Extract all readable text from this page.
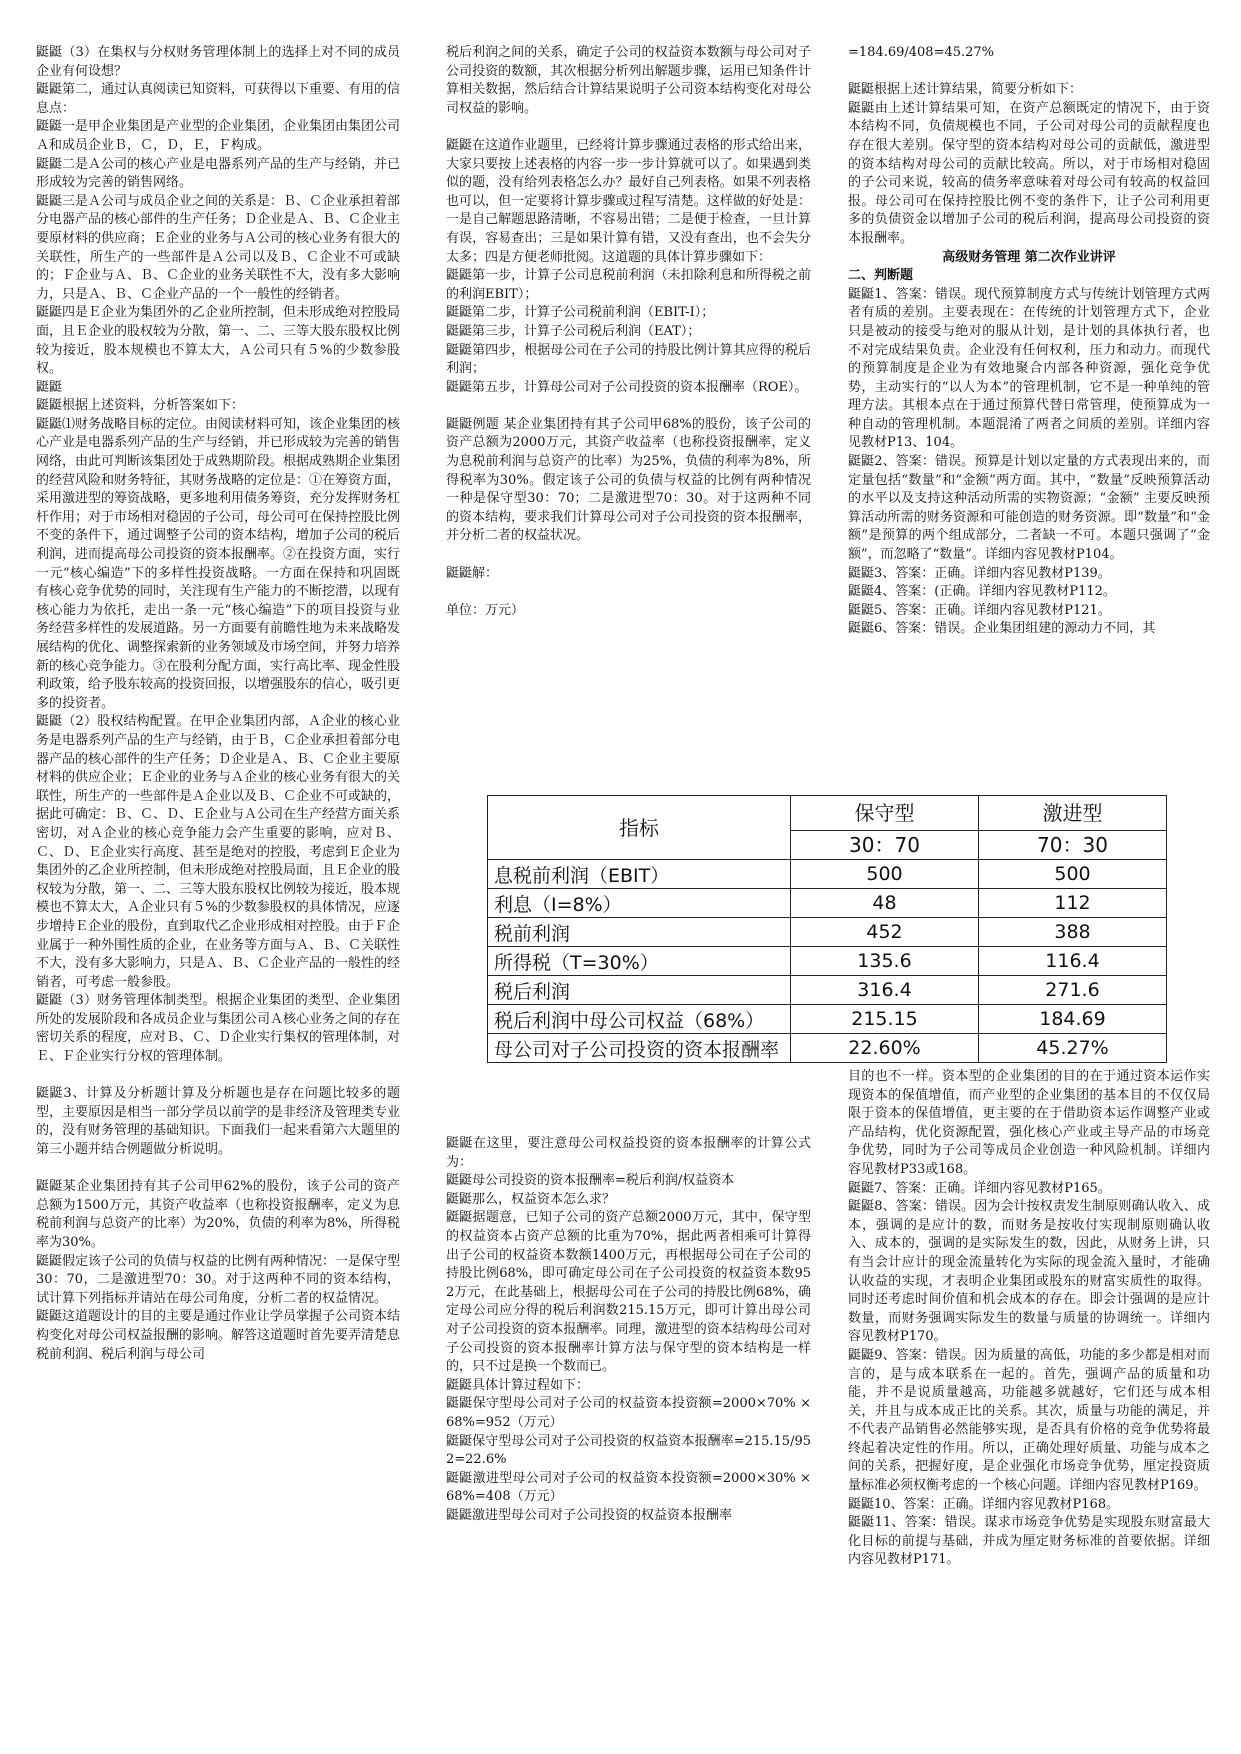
鼮鼮（3）在集权与分权财务管理体制上的选择上对不同的成员企业有何设想？

鼮鼮第二，通过认真阅读已知资料，可获得以下重要、有用的信息点：

鼮鼮一是甲企业集团是产业型的企业集团，企业集团由集团公司Ａ和成员企业Ｂ，Ｃ，Ｄ，Ｅ，Ｆ构成。

鼮鼮二是Ａ公司的核心产业是电器系列产品的生产与经销，并已形成较为完善的销售网络。

鼮鼮三是Ａ公司与成员企业之间的关系是：Ｂ、Ｃ企业承担着部分电器产品的核心部件的生产任务；Ｄ企业是Ａ、Ｂ、Ｃ企业主要原材料的供应商；Ｅ企业的业务与Ａ公司的核心业务有很大的关联性，所生产的一些部件是Ａ公司以及Ｂ、Ｃ企业不可或缺的；Ｆ企业与Ａ、Ｂ、Ｃ企业的业务关联性不大，没有多大影响力，只是Ａ、Ｂ、Ｃ企业产品的一个一般性的经销者。

鼮鼮四是Ｅ企业为集团外的乙企业所控制，但未形成绝对控股局面，且Ｅ企业的股权较为分散，第一、二、三等大股东股权比例较为接近，股本规模也不算太大，Ａ公司只有５%的少数参股权。

鼮鼮

鼮鼮根据上述资料，分析答案如下：

鼮鼮⑴财务战略目标的定位。由阅读材料可知，该企业集团的核心产业是电器系列产品的生产与经销，并已形成较为完善的销售网络，由此可判断该集团处于成熟期阶段。根据成熟期企业集团的经营风险和财务特征，其财务战略的定位是：①在筹资方面，采用激进型的筹资战略，更多地利用债务筹资，充分发挥财务杠杆作用；对于市场相对稳固的子公司，母公司可在保持控股比例不变的条件下，通过调整子公司的资本结构，增加子公司的税后利润，进而提高母公司投资的资本报酬率。②在投资方面，实行一元“核心编造”下的多样性投资战略。一方面在保持和巩固既有核心竞争优势的同时，关注现有生产能力的不断挖潜，以现有核心能力为依托，走出一条一元“核心编造”下的项目投资与业务经营多样性的发展道路。另一方面要有前瞻性地为未来战略发展结构的优化、调整探索新的业务领域及市场空间，并努力培养新的核心竞争能力。③在股利分配方面，实行高比率、现金性股利政策，给予股东较高的投资回报，以增强股东的信心，吸引更多的投资者。

鼮鼮（2）股权结构配置。在甲企业集团内部，Ａ企业的核心业务是电器系列产品的生产与经销，由于Ｂ，Ｃ企业承担着部分电器产品的核心部件的生产任务；Ｄ企业是Ａ、Ｂ、Ｃ企业主要原材料的供应企业；Ｅ企业的业务与Ａ企业的核心业务有很大的关联性，所生产的一些部件是Ａ企业以及Ｂ、Ｃ企业不可或缺的，据此可确定：Ｂ、Ｃ、Ｄ、Ｅ企业与Ａ公司在生产经营方面关系密切，对Ａ企业的核心竞争能力会产生重要的影响，应对Ｂ、Ｃ、Ｄ、Ｅ企业实行高度、甚至是绝对的控股，考虑到Ｅ企业为集团外的乙企业所控制，但未形成绝对控股局面，且Ｅ企业的股权较为分散，第一、二、三等大股东股权比例较为接近，股本规模也不算太大，Ａ企业只有５%的少数参股权的具体情况，应逐步增持Ｅ企业的股份，直到取代乙企业形成相对控股。由于Ｆ企业属于一种外围性质的企业，在业务等方面与Ａ、Ｂ、Ｃ关联性不大，没有多大影响力，只是Ａ、Ｂ、Ｃ企业产品的一般性的经销者，可考虑一般参股。

鼮鼮（3）财务管理体制类型。根据企业集团的类型、企业集团所处的发展阶段和各成员企业与集团公司Ａ核心业务之间的存在密切关系的程度，应对Ｂ、Ｃ、Ｄ企业实行集权的管理体制，对Ｅ、Ｆ企业实行分权的管理体制。

鼮鼮3、计算及分析题计算及分析题也是存在问题比较多的题型，主要原因是相当一部分学员以前学的是非经济及管理类专业的，没有财务管理的基础知识。下面我们一起来看第六大题里的第三小题并结合例题做分析说明。

鼮鼮某企业集团持有其子公司甲62%的股份，该子公司的资产总额为1500万元，其资产收益率（也称投资报酬率，定义为息税前利润与总资产的比率）为20%，负债的利率为8%，所得税率为30%。

鼮鼮假定该子公司的负债与权益的比例有两种情况：一是保守型30：70，二是激进型70：30。对于这两种不同的资本结构，试计算下列指标并请站在母公司角度，分析二者的权益情况。

鼮鼮这道题设计的目的主要是通过作业让学员掌握子公司资本结构变化对母公司权益报酬的影响。解答这道题时首先要弄清楚息税前利润、税后利润与母公司

税后利润之间的关系，确定子公司的权益资本数额与母公司对子公司投资的数额，其次根据分析列出解题步骤，运用已知条件计算相关数据，然后结合计算结果说明子公司资本结构变化对母公司权益的影响。

鼮鼮在这道作业题里，已经将计算步骤通过表格的形式给出来，大家只要按上述表格的内容一步一步计算就可以了。如果遇到类似的题，没有给列表格怎么办？最好自己列表格。如果不列表格也可以，但一定要将计算步骤或过程写清楚。这样做的好处是：一是自己解题思路清晰，不容易出错；二是便于检查，一旦计算有误，容易查出；三是如果计算有错，又没有查出，也不会失分太多；四是方便老师批阅。这道题的具体计算步骤如下：

鼮鼮第一步，计算子公司息税前利润（未扣除利息和所得税之前的利润EBIT）；

鼮鼮第二步，计算子公司税前利润（EBIT-I）；

鼮鼮第三步，计算子公司税后利润（EAT）；

鼮鼮第四步，根据母公司在子公司的持股比例计算其应得的税后利润；

鼮鼮第五步，计算母公司对子公司投资的资本报酬率（ROE）。

鼮鼮例题 某企业集团持有其子公司甲68%的股份，该子公司的资产总额为2000万元，其资产收益率（也称投资报酬率，定义为息税前利润与总资产的比率）为25%，负债的利率为8%，所得税率为30%。假定该子公司的负债与权益的比例有两种情况 一种是保守型30：70；二是激进型70：30。对于这两种不同的资本结构，要求我们计算母公司对子公司投资的资本报酬率，并分析二者的权益状况。

鼮鼮解：

单位：万元）

鼮鼮在这里，要注意母公司权益投资的资本报酬率的计算公式为：

鼮鼮母公司投资的资本报酬率=税后利润/权益资本

鼮鼮那么，权益资本怎么求？

鼮鼮据题意，已知子公司的资产总额2000万元，其中，保守型的权益资本占资产总额的比重为70%，据此两者相乘可计算得出子公司的权益资本数额1400万元，再根据母公司在子公司的持股比例68%，即可确定母公司在子公司投资的权益资本数952万元，在此基础上，根据母公司在子公司的持股比例68%，确定母公司应分得的税后利润数215.15万元，即可计算出母公司对子公司投资的资本报酬率。同理，激进型的资本结构母公司对子公司投资的资本报酬率计算方法与保守型的资本结构是一样的，只不过是换一个数而已。

鼮鼮具体计算过程如下：

鼮鼮保守型母公司对子公司的权益资本投资额=2000×70% ×68%=952（万元）

鼮鼮保守型母公司对子公司投资的权益资本报酬率=215.15/952=22.6%

鼮鼮激进型母公司对子公司的权益资本投资额=2000×30% ×68%=408（万元）

鼮鼮激进型母公司对子公司投资的权益资本报酬率

=184.69/408=45.27%

鼮鼮根据上述计算结果，简要分析如下：

鼮鼮由上述计算结果可知，在资产总额既定的情况下，由于资本结构不同，负债规模也不同，子公司对母公司的贡献程度也存在很大差别。保守型的资本结构对母公司的贡献低，激进型的资本结构对母公司的贡献比较高。所以，对于市场相对稳固的子公司来说，较高的债务率意味着对母公司有较高的权益回报。母公司可在保持控股比例不变的条件下，让子公司利用更多的负债资金以增加子公司的税后利润，提高母公司投资的资本报酬率。

高级财务管理 第二次作业讲评

二、判断题

鼮鼮1、答案：错误。现代预算制度方式与传统计划管理方式两者有质的差别。主要表现在：在传统的计划管理方式下，企业只是被动的接受与绝对的服从计划，是计划的具体执行者，也不对完成结果负责。企业没有任何权利，压力和动力。而现代的预算制度是企业为有效地聚合内部各种资源，强化竞争优势，主动实行的“以人为本”的管理机制，它不是一种单纯的管理方法。其根本点在于通过预算代替日常管理，使预算成为一种自动的管理机制。本题混淆了两者之间质的差别。详细内容见教材P13、104。

鼮鼮2、答案：错误。预算是计划以定量的方式表现出来的，而定量包括“数量”和“金额”两方面。其中，“数量”反映预算活动的水平以及支持这种活动所需的实物资源；“金额” 主要反映预算活动所需的财务资源和可能创造的财务资源。即“数量”和“金额”是预算的两个组成部分，二者缺一不可。本题只强调了“金额”，而忽略了“数量”。详细内容见教材P104。

鼮鼮3、答案：正确。详细内容见教材P139。

鼮鼮4、答案：(正确。详细内容见教材P112。

鼮鼮5、答案：正确。详细内容见教材P121。

鼮鼮6、答案：错误。企业集团组建的源动力不同，其

目的也不一样。资本型的企业集团的目的在于通过资本运作实现资本的保值增值，而产业型的企业集团的基本目的不仅仅局限于资本的保值增值，更主要的在于借助资本运作调整产业或产品结构，优化资源配置，强化核心产业或主导产品的市场竞争优势，同时为子公司等成员企业创造一种风险机制。详细内容见教材P33或168。

鼮鼮7、答案：正确。详细内容见教材P165。

鼮鼮8、答案：错误。因为会计按权责发生制原则确认收入、成本，强调的是应计的数，而财务是按收付实现制原则确认收入、成本的，强调的是实际发生的数，因此，从财务上讲，只有当会计应计的现金流量转化为实际的现金流入量时，才能确认收益的实现，才表明企业集团或股东的财富实质性的取得。同时还考虑时间价值和机会成本的存在。即会计强调的是应计数量，而财务强调实际发生的数量与质量的协调统一。详细内容见教材P170。

鼮鼮9、答案：错误。因为质量的高低，功能的多少都是相对而言的，是与成本联系在一起的。首先，强调产品的质量和功能，并不是说质量越高，功能越多就越好，它们还与成本相关，并且与成本成正比的关系。其次，质量与功能的满足，并不代表产品销售必然能够实现，是否具有价格的竞争优势将最终起着决定性的作用。所以，正确处理好质量、功能与成本之间的关系，把握好度，是企业强化市场竞争优势，厘定投资质量标准必须权衡考虑的一个核心问题。详细内容见教材P169。

鼮鼮10、答案：正确。详细内容见教材P168。

鼮鼮11、答案：错误。谋求市场竞争优势是实现股东财富最大化目标的前提与基础，并成为厘定财务标准的首要依据。详细内容见教材P171。

指标	保守型	激进型
	30：70	70：30
息税前利润（EBIT）	500	500
利息（I=8%）	48	112
税前利润	452	388
所得税（T=30%）	135.6	116.4
税后利润	316.4	271.6
税后利润中母公司权益（68%）	215.15	184.69
母公司对子公司投资的资本报酬率	22.60%	45.27%
